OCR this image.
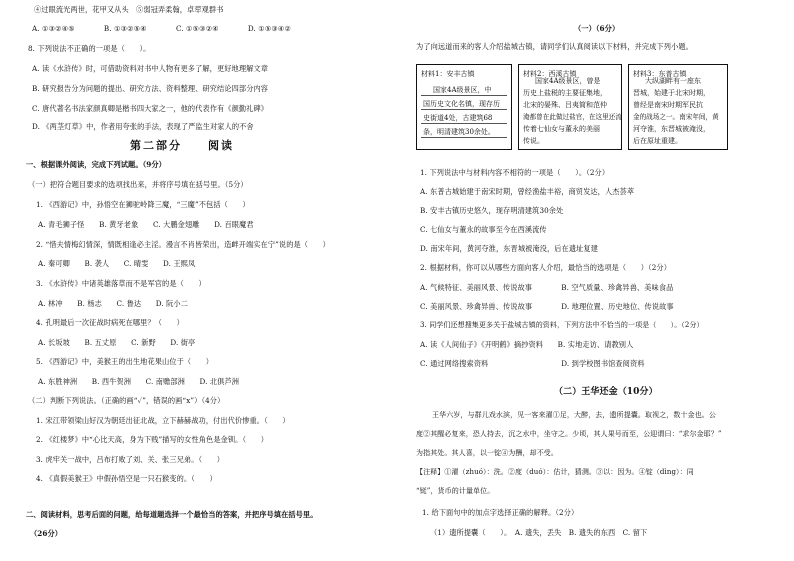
④过眼流光两世，花甲又从头　⑤弱冠弄柔翰，卓荦观群书
A. ①③②④⑤　　　　B. ①③②⑤④　　　　C. ①⑤③②④　　　　D. ①⑤③④②
8. 下列说法不正确的一项是（　　）。
A. 读《水浒传》时，可借助资料对书中人物有更多了解，更好地理解文章
B. 研究报告分为问题的提出、研究方法、资料整理、研究结论四部分内容
C. 唐代著名书法家颜真卿是楷书四大家之一，他的代表作有《颜勤礼碑》
D. 《两茎灯草》中，作者用夸张的手法，表现了严监生对家人的不舍
第二部分　　阅读
一、根据课外阅读，完成下列试题。（9分）
（一）把符合题目要求的选项找出来，并将序号填在括号里。（5分）
1. 《西游记》中，孙悟空在狮驼岭降三魔，“三魔”不包括（　　）
A. 青毛狮子怪　　B. 黄牙老象　　C. 大鹏金翅雕　　D. 百眼魔君
2. “惜夫情梅幻情深，情既相逢必主淫。漫言不肖皆荣出，造衅开端实在宁”说的是（　　）
A. 秦可卿　　B. 袭人　　C. 晴雯　　D. 王熙凤
3. 《水浒传》中诸英雄落草而不是军官的是（　　）
A. 林冲　　B. 杨志　　C. 鲁达　　D. 阮小二
4. 孔明最后一次征战时病死在哪里？（　　）
A. 长坂坡　　B. 五丈原　　C. 新野　　D. 街亭
5. 《西游记》中，美猴王的出生地花果山位于（　　）
A. 东胜神洲　　B. 西牛贺洲　　C. 南赡部洲　　D. 北俱芦洲
（二）判断下列说法。（正确的画“✓”，错误的画“x”）（4分）
1. 宋江带领梁山好汉为朝廷出征北战，立下赫赫战功，付出代价惨重。（　　）
2. 《红楼梦》中“心比天高，身为下贱”描写的女性角色是金钏。（　　）
3. 虎牢关一战中，吕布打败了刘、关、张三兄弟。（　　）
4. 《真假美猴王》中假孙悟空是一只石猴变的。（　　）
二、阅读材料，思考后面的问题，给每道题选择一个最恰当的答案，并把序号填在括号里。
（26分）
（一）（6分）
为了向远道而来的客人介绍盐城古镇，请同学们认真阅读以下材料，并完成下列小题。
材料1：安丰古镇
国家4A级景区，中
国历史文化名镇，现存历
史街道4处，古建筑68
条，明清建筑30余处。
材料2：西溪古镇
国家4A级景区，曾是
历史上盐税的主要征集地，
北宋的晏殊、吕夷简和范仲
淹都曾在此做过盐官，在这里还流
传着七仙女与董永的美丽
传说。
材料3：东普古镇
大纵湖畔有一座东
晋城，始建于北宋时期，
曾经是南宋时期军民抗
金的战场之一。南宋年间，黄
河夺淮，东晋城被淹没，
后在原址重建。
1. 下列说法中与材料内容不相符的一项是（　　）。（2分）
A. 东普古城始建于南宋时期，曾经渔盐丰裕，商贸发达，人杰荟萃
B. 安丰古镇历史悠久，现存明清建筑30余处
C. 七仙女与董永的故事至今在西溪流传
D. 南宋年间，黄河夺淮，东晋城被淹没，后在遗址复建
2. 根据材料，你可以从哪些方面向客人介绍，最恰当的选项是（　　）（2分）
A. 气候特征、美丽风景、传说故事　　　　B. 空气质量、珍禽异兽、美味食品
C. 美丽风景、珍禽异兽、传说故事　　　　D. 地理位置、历史地位、传说故事
3. 同学们还想搜集更多关于盐城古镇的资料，下列方法中不恰当的一项是（　　）。（2分）
A. 读《人间仙子》《开明鹤》摘抄资料　　B. 实地走访、请教别人
C. 通过网络搜索资料　　　　　　　　　　D. 到学校图书馆查阅资料
（二）王华还金（10分）
王华六岁，与群儿戏水滨，见一客来濯①足，大醉，去，遗所提囊。取视之，数十金也。公
度②其醒必复来，恐人持去，沉之水中，坐守之。少顷，其人果号而至，公迎谓曰：“求尔金耶？”
为指其处。其人喜，以一锭④为酬，却不受。
【注释】①濯（zhuó）：洗。②度（duó）：估计，猜测。③以：因为。④锭（dìng）：同
“铤”，货币的计量单位。
1. 给下面句中的加点字选择正确的解释。（2分）
（1）遗所提囊（　　）。　A. 遗失，丢失　B. 遗失的东西　C. 留下
